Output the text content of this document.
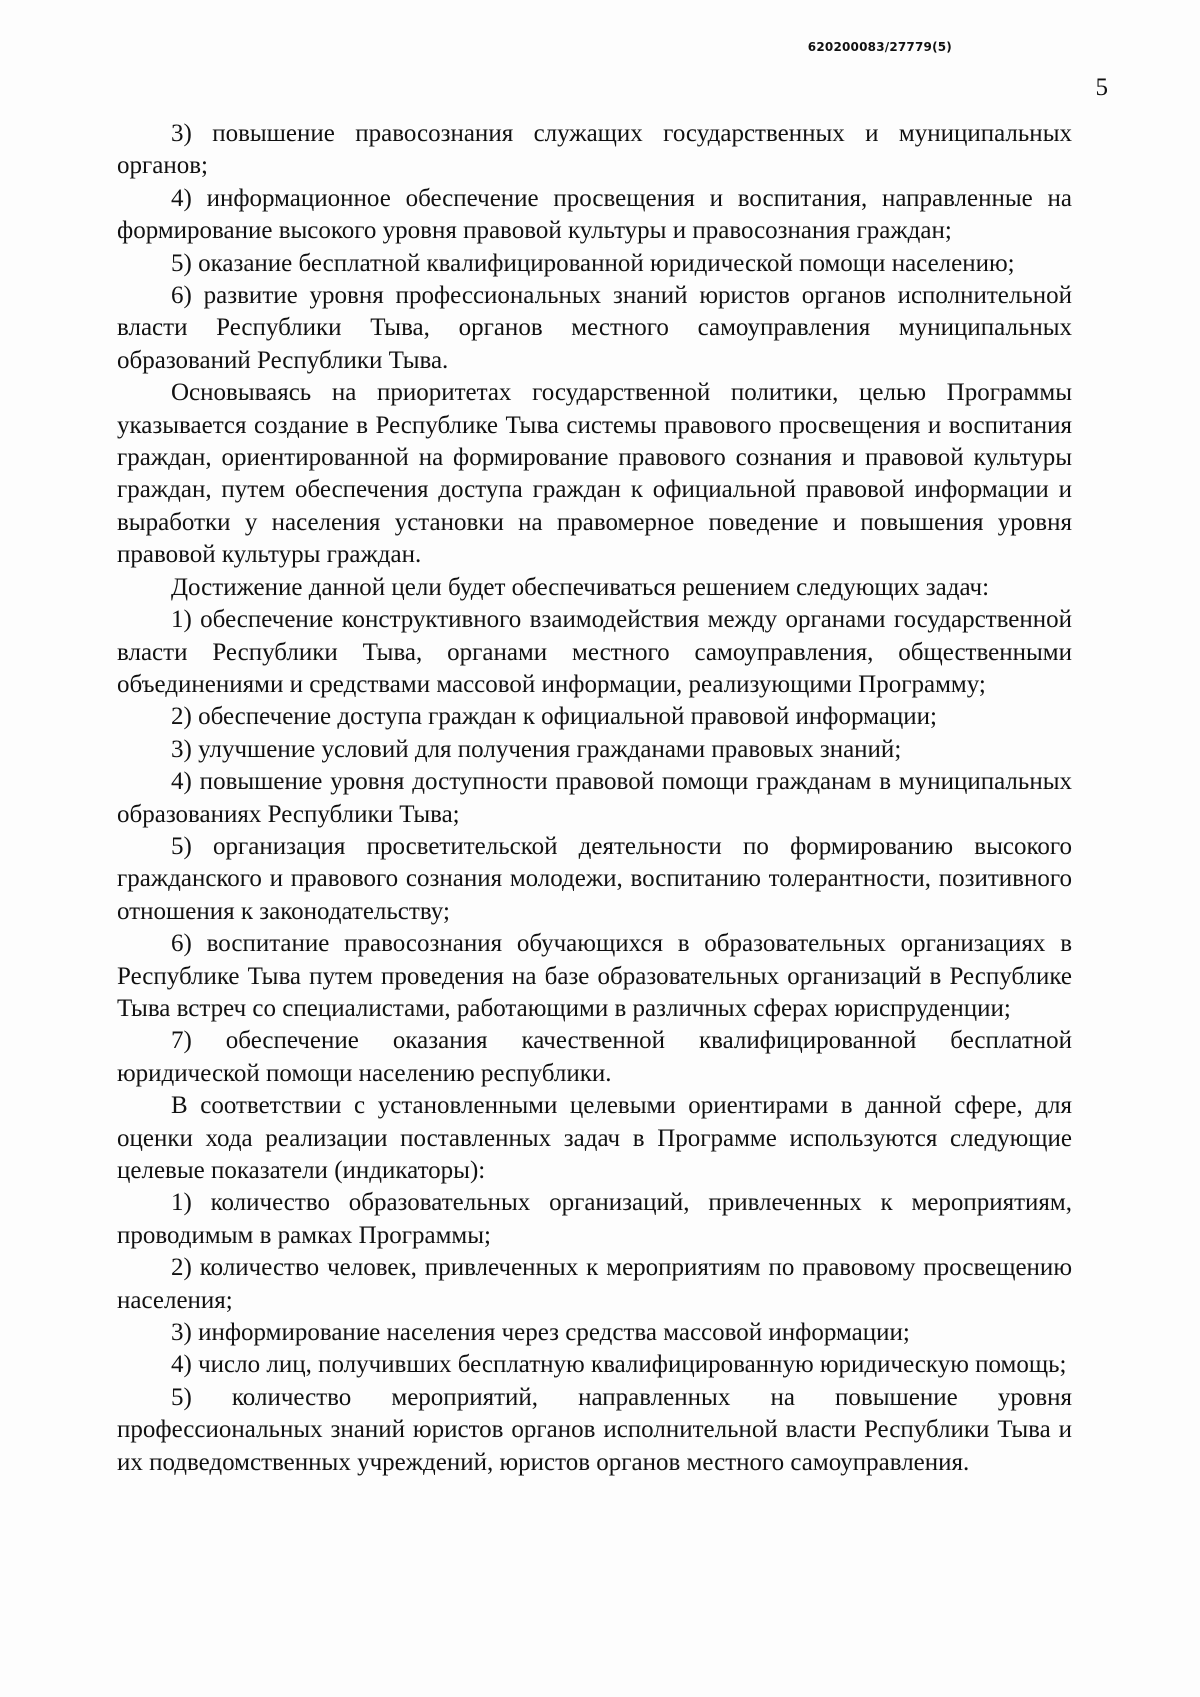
620200083/27779(5)
5

3) повышение правосознания служащих государственных и муниципальных органов;

4) информационное обеспечение просвещения и воспитания, направленные на формирование высокого уровня правовой культуры и правосознания граждан;

5) оказание бесплатной квалифицированной юридической помощи населению;

6) развитие уровня профессиональных знаний юристов органов исполнительной власти Республики Тыва, органов местного самоуправления муниципальных образований Республики Тыва.

Основываясь на приоритетах государственной политики, целью Программы указывается создание в Республике Тыва системы правового просвещения и воспитания граждан, ориентированной на формирование правового сознания и правовой культуры граждан, путем обеспечения доступа граждан к официальной правовой информации и выработки у населения установки на правомерное поведение и повышения уровня правовой культуры граждан.

Достижение данной цели будет обеспечиваться решением следующих задач:

1) обеспечение конструктивного взаимодействия между органами государственной власти Республики Тыва, органами местного самоуправления, общественными объединениями и средствами массовой информации, реализующими Программу;

2) обеспечение доступа граждан к официальной правовой информации;

3) улучшение условий для получения гражданами правовых знаний;

4) повышение уровня доступности правовой помощи гражданам в муниципальных образованиях Республики Тыва;

5) организация просветительской деятельности по формированию высокого гражданского и правового сознания молодежи, воспитанию толерантности, позитивного отношения к законодательству;

6) воспитание правосознания обучающихся в образовательных организациях в Республике Тыва путем проведения на базе образовательных организаций в Республике Тыва встреч со специалистами, работающими в различных сферах юриспруденции;

7) обеспечение оказания качественной квалифицированной бесплатной юридической помощи населению республики.

В соответствии с установленными целевыми ориентирами в данной сфере, для оценки хода реализации поставленных задач в Программе используются следующие целевые показатели (индикаторы):

1) количество образовательных организаций, привлеченных к мероприятиям, проводимым в рамках Программы;

2) количество человек, привлеченных к мероприятиям по правовому просвещению населения;

3) информирование населения через средства массовой информации;

4) число лиц, получивших бесплатную квалифицированную юридическую помощь;

5) количество мероприятий, направленных на повышение уровня профессиональных знаний юристов органов исполнительной власти Республики Тыва и их подведомственных учреждений, юристов органов местного самоуправления.
